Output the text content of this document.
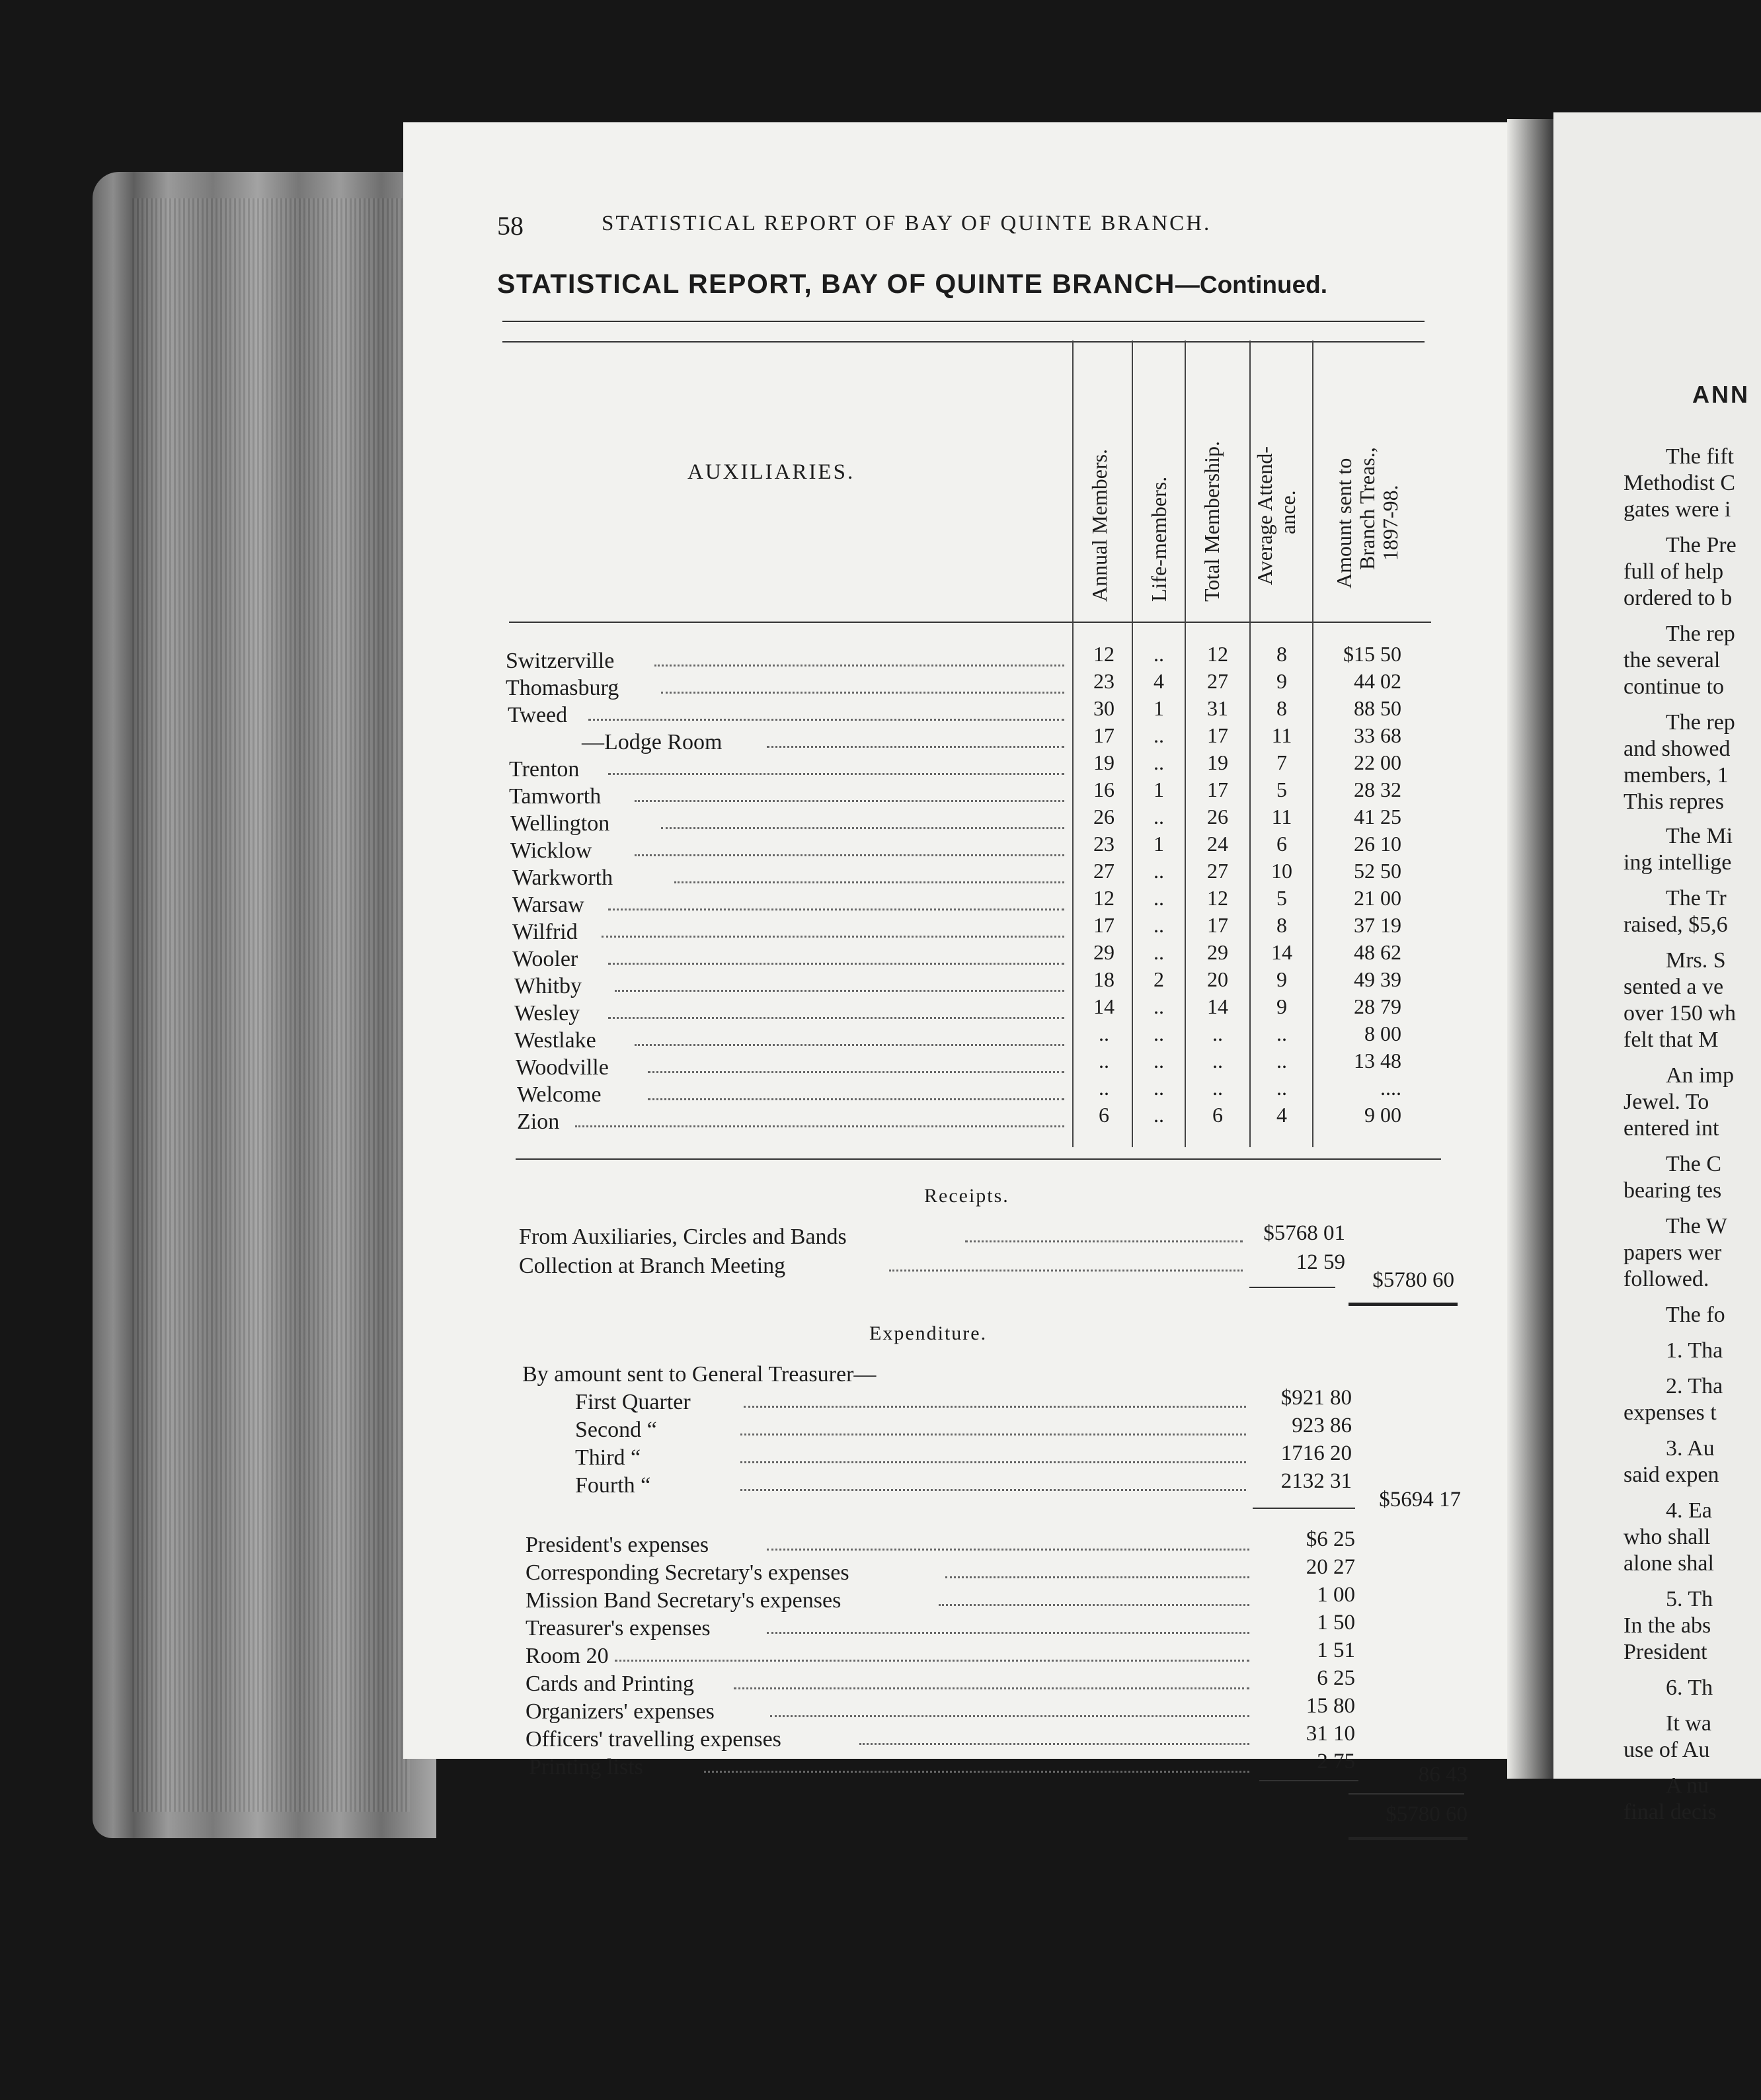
58	STATISTICAL REPORT OF BAY OF QUINTE BRANCH.
STATISTICAL REPORT, BAY OF QUINTE BRANCH—Continued.
AUXILIARIES.	Annual Members. Life-members. Total Membership. Average Attend- ance. Amount sent to Branch Treas., 1897-98.
Switzerville	12	..	12	8	$15 50
Thomasburg	23	4	27	9	44 02
Tweed	30	1	31	8	88 50
—Lodge Room	17	..	17	11	33 68
Trenton	19	..	19	7	22 00
Tamworth	16	1	17	5	28 32
Wellington	26	..	26	11	41 25
Wicklow	23	1	24	6	26 10
Warkworth	27	..	27	10	52 50
Warsaw	12	..	12	5	21 00
Wilfrid	17	..	17	8	37 19
Wooler	29	..	29	14	48 62
Whitby	18	2	20	9	49 39
Wesley	14	..	14	9	28 79
Westlake	..	..	..	..	8 00
Woodville	..	..	..	..	13 48
Welcome	..	..	..	..	....
Zion	6	..	6	4	9 00
Receipts.
From Auxiliaries, Circles and Bands	$5768 01
Collection at Branch Meeting	12 59
$5780 60
Expenditure.
By amount sent to General Treasurer—
First Quarter	$921 80
Second “	923 86
Third “	1716 20
Fourth “	2132 31
$5694 17
President's expenses	$6 25
Corresponding Secretary's expenses	20 27
Mission Band Secretary's expenses	1 00
Treasurer's expenses	1 50
Room 20	1 51
Cards and Printing	6 25
Organizers' expenses	15 80
Officers' travelling expenses	31 10
Printing lists	2 75
86 43
$5780 60
ANN
The fift
Methodist C
gates were i
The Pre
full of help
ordered to b
The rep
the several
continue to
The rep
and showed
members, 1
This repres
The Mi
ing intellige
The Tr
raised, $5,6
Mrs. S
sented a ve
over 150 wh
felt that M
An imp
Jewel. To
entered int
The C
bearing tes
The W
papers wer
followed.
The fo
1. Tha
2. Tha
expenses t
3. Au
said expen
4. Ea
who shall
alone shal
5. Th
In the abs
President
6. Th
It wa
use of Au
A nu
final decis
